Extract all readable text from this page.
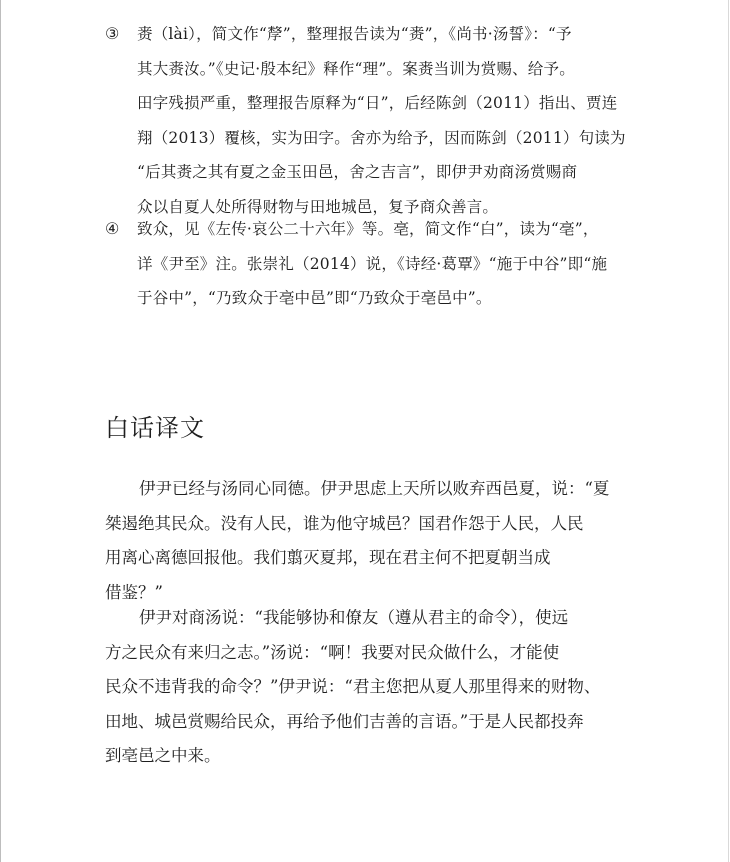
③ 赉（lài），简文作“孷”，整理报告读为“赉”，《尚书·汤誓》：“予
其大赉汝。”《史记·殷本纪》释作“理”。案赉当训为赏赐、给予。
田字残损严重，整理报告原释为“日”，后经陈剑（2011）指出、贾连
翔（2013）覆核，实为田字。舍亦为给予，因而陈剑（2011）句读为
“后其赉之其有夏之金玉田邑，舍之吉言”，即伊尹劝商汤赏赐商
众以自夏人处所得财物与田地城邑，复予商众善言。
④ 致众，见《左传·哀公二十六年》等。亳，简文作“白”，读为“亳”，
详《尹至》注。张崇礼（2014）说，《诗经·葛覃》“施于中谷”即“施
于谷中”，“乃致众于亳中邑”即“乃致众于亳邑中”。
白话译文
伊尹已经与汤同心同德。伊尹思虑上天所以败弃西邑夏，说：“夏
桀遏绝其民众。没有人民，谁为他守城邑？国君作怨于人民，人民
用离心离德回报他。我们翦灭夏邦，现在君主何不把夏朝当成
借鉴？”
伊尹对商汤说：“我能够协和僚友（遵从君主的命令），使远
方之民众有来归之志。”汤说：“啊！我要对民众做什么，才能使
民众不违背我的命令？”伊尹说：“君主您把从夏人那里得来的财物、
田地、城邑赏赐给民众，再给予他们吉善的言语。”于是人民都投奔
到亳邑之中来。
